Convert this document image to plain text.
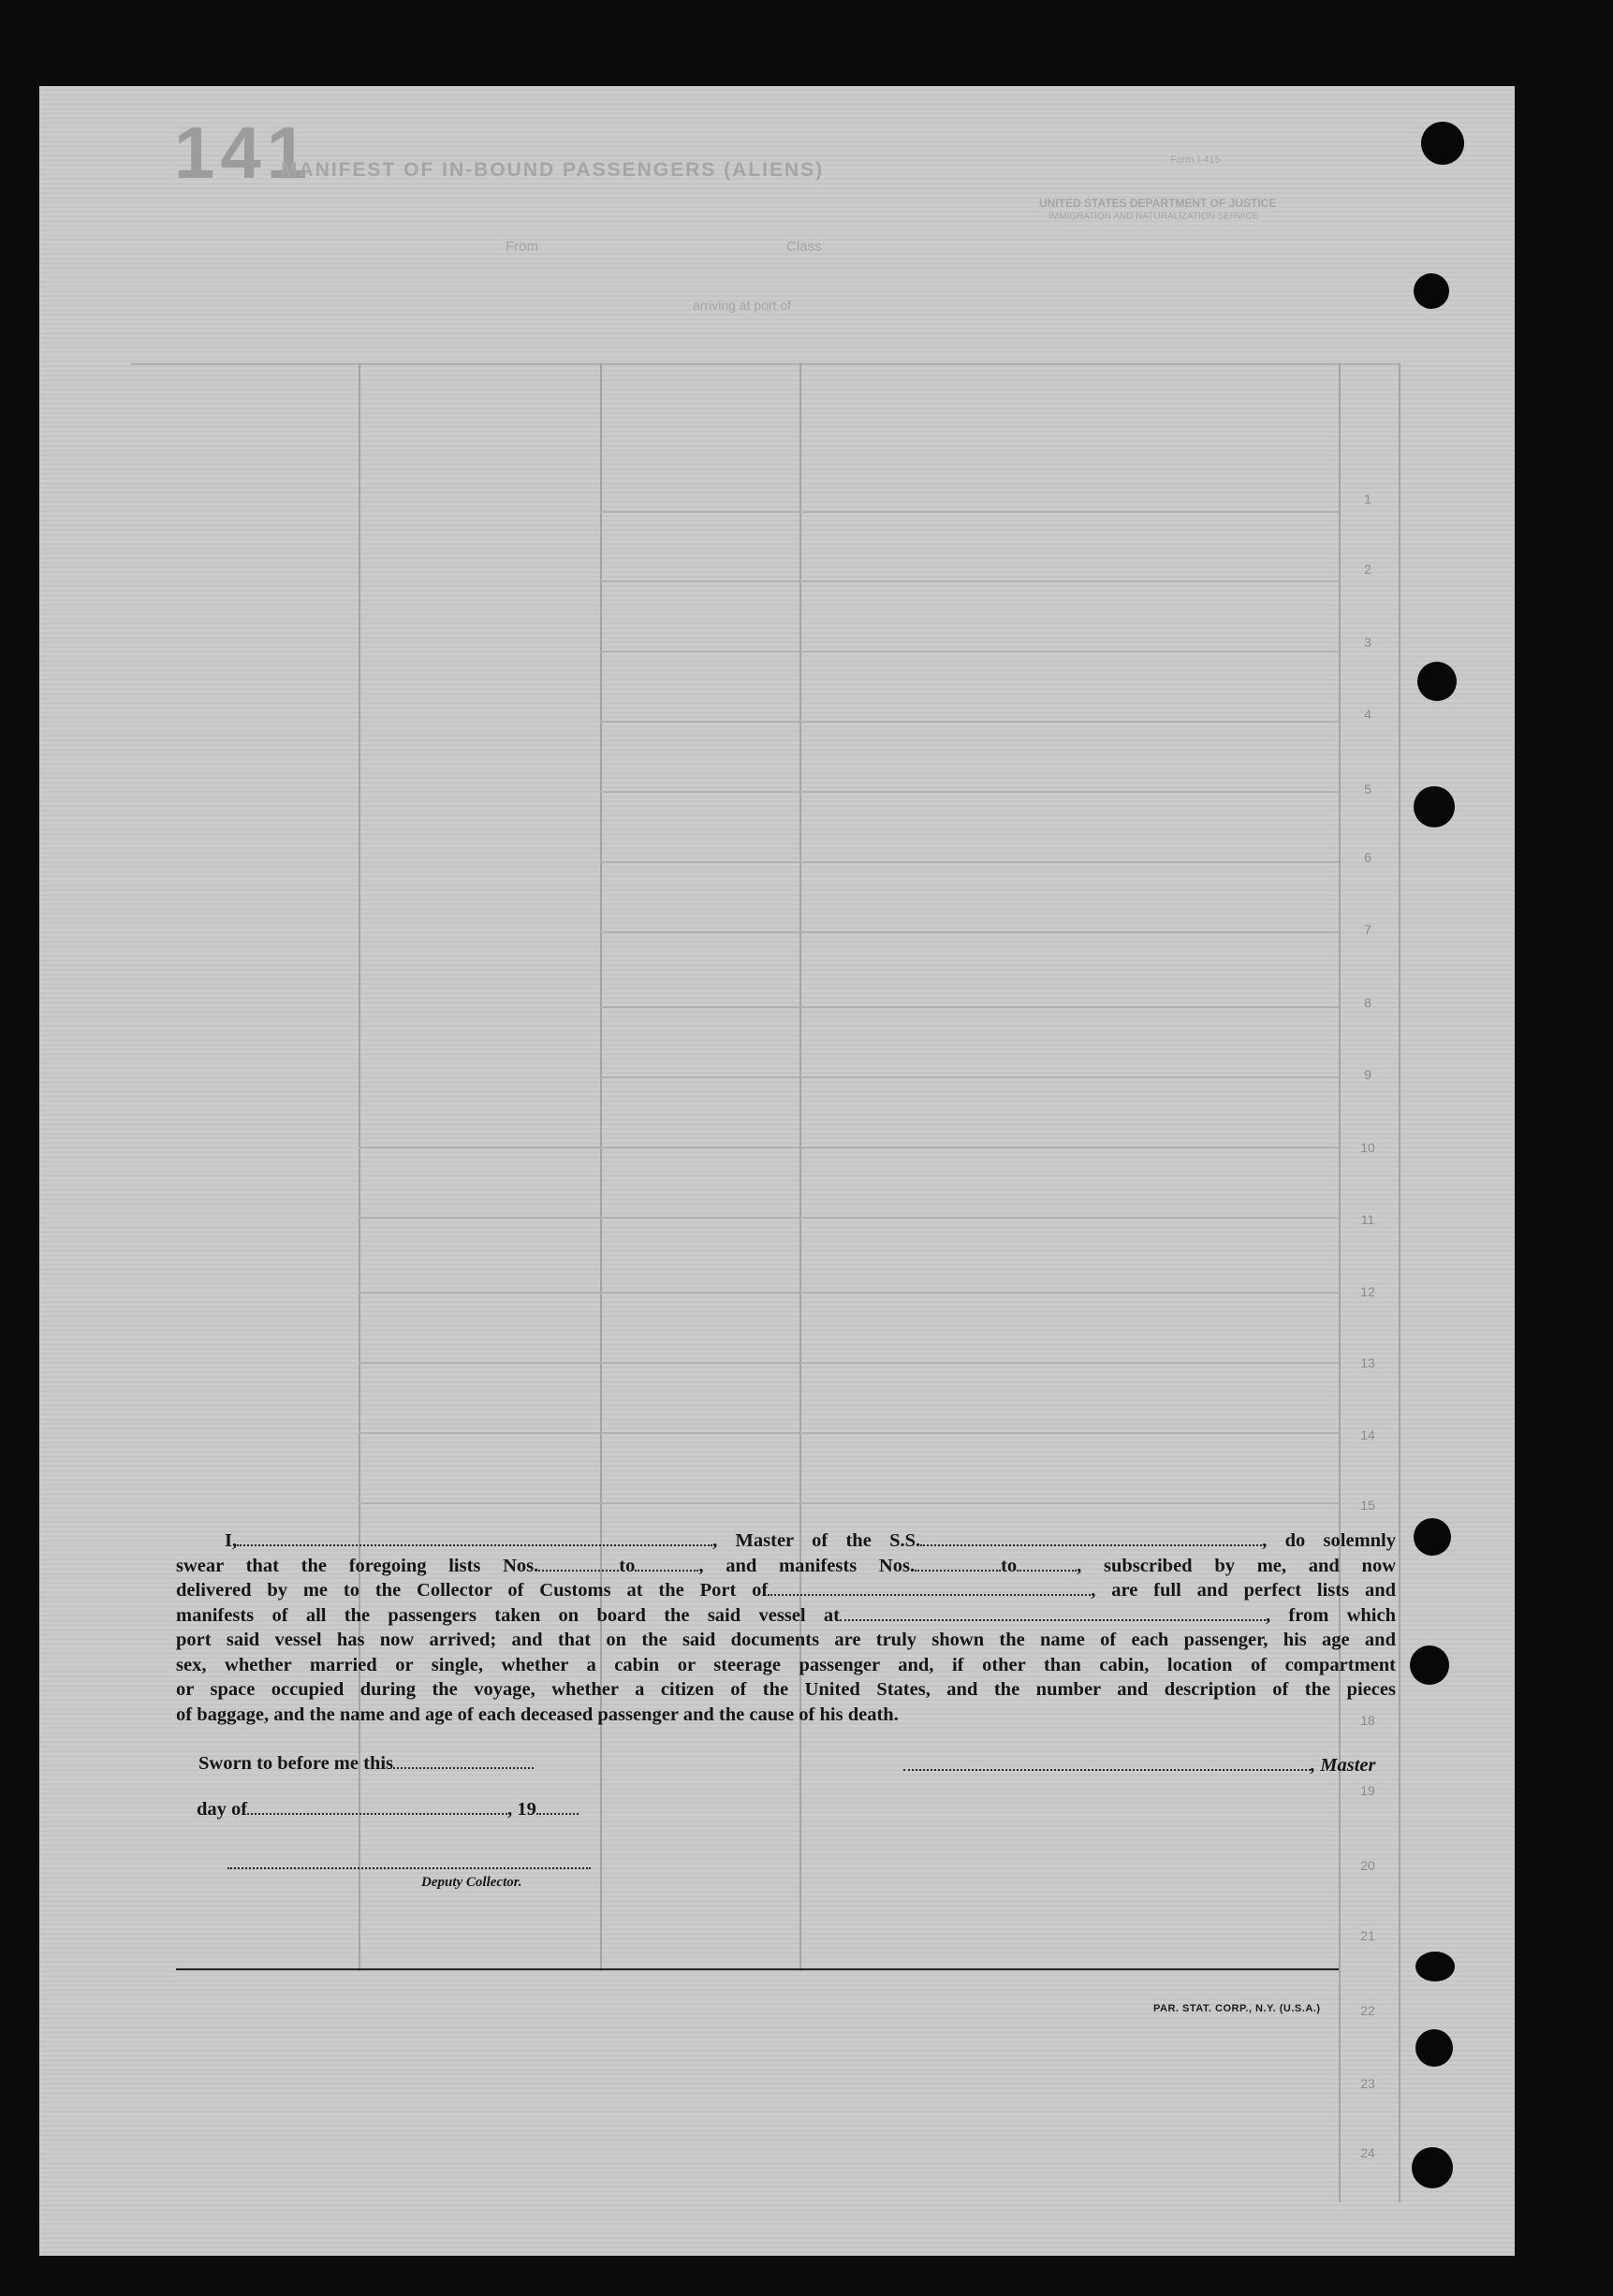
141
MANIFEST OF IN-BOUND PASSENGERS (ALIENS)
UNITED STATES DEPARTMENT OF JUSTICE
IMMIGRATION AND NATURALIZATION SERVICE
Form I-415
Class
From
arriving at port of
1
2
3
4
5
6
7
8
9
10
11
12
13
14
15
18
19
20
21
22
23
24

I,	, Master of the S.S.	, do solemnly

swear that the foregoing lists Nos.	to	, and manifests Nos.	to	, subscribed by me, and now

delivered by me to the Collector of Customs at the Port of	, are full and perfect lists and

manifests of all the passengers taken on board the said vessel at	, from which

port said vessel has now arrived; and that on the said documents are truly shown the name of each passenger, his age and

sex, whether married or single, whether a cabin or steerage passenger and, if other than cabin, location of compartment

or space occupied during the voyage, whether a citizen of the United States, and the number and description of the pieces

of baggage, and the name and age of each deceased passenger and the cause of his death.

Sworn to before me this	, Master
day of	, 19
Deputy Collector.
PAR. STAT. CORP., N.Y. (U.S.A.)
